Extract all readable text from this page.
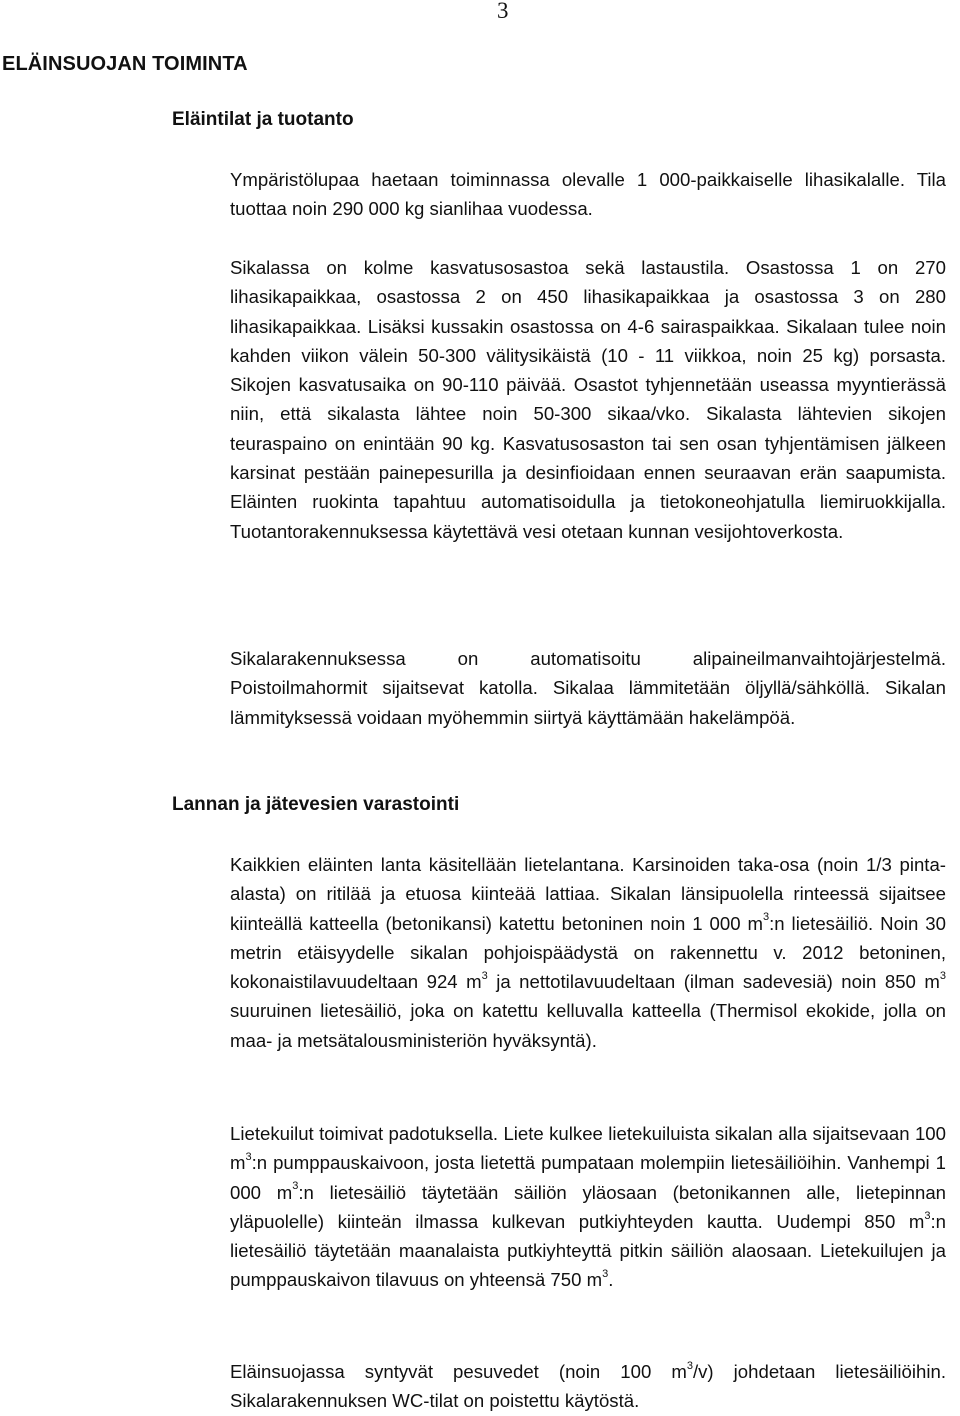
3
ELÄINSUOJAN TOIMINTA
Eläintilat ja tuotanto

Ympäristölupaa haetaan toiminnassa olevalle 1 000-paikkaiselle lihasikalalle. Tila tuottaa noin 290 000 kg sianlihaa vuodessa.

Sikalassa on kolme kasvatusosastoa sekä lastaustila. Osastossa 1 on 270 lihasikapaikkaa, osastossa 2 on 450 lihasikapaikkaa ja osastossa 3 on 280 lihasikapaikkaa. Lisäksi kussakin osastossa on 4-6 sairaspaikkaa. Sikalaan tulee noin kahden viikon välein 50-300 välitysikäistä (10 - 11 viikkoa, noin 25 kg) porsasta. Sikojen kasvatusaika on 90-110 päivää. Osastot tyhjennetään useassa myyntierässä niin, että sikalasta lähtee noin 50-300 sikaa/vko. Sikalasta lähtevien sikojen teuraspaino on enintään 90 kg. Kasvatusosaston tai sen osan tyhjentämisen jälkeen karsinat pestään painepesurilla ja desinfioidaan ennen seuraavan erän saapumista. Eläinten ruokinta tapahtuu automatisoidulla ja tietokoneohjatulla liemiruokkijalla. Tuotantorakennuksessa käytettävä vesi otetaan kunnan vesijohtoverkosta.

Sikalarakennuksessa on automatisoitu alipaineilmanvaihtojärjestelmä. Poistoilmahormit sijaitsevat katolla. Sikalaa lämmitetään öljyllä/sähköllä. Sikalan lämmityksessä voidaan myöhemmin siirtyä käyttämään hakelämpöä.

Lannan ja jätevesien varastointi

Kaikkien eläinten lanta käsitellään lietelantana. Karsinoiden taka-osa (noin 1/3 pinta-alasta) on ritilää ja etuosa kiinteää lattiaa. Sikalan länsipuolella rinteessä sijaitsee kiinteällä katteella (betonikansi) katettu betoninen noin 1 000 $m^3:n$ lietesäiliö. Noin 30 metrin etäisyydelle sikalan pohjoispäädystä on rakennettu v. 2012 betoninen, kokonaistilavuudeltaan 924 $m^3$ ja nettotilavuudeltaan (ilman sadevesiä) noin 850 $m^3$ suuruinen lietesäiliö, joka on katettu kelluvalla katteella (Thermisol ekokide, jolla on maa- ja metsätalousministeriön hyväksyntä).

Lietekuilut toimivat padotuksella. Liete kulkee lietekuiluista sikalan alla sijaitsevaan 100 $m^3:n$ pumppauskaivoon, josta lietettä pumpataan molempiin lietesäiliöihin. Vanhempi 1 000 $m^3:n$ lietesäiliö täytetään säiliön yläosaan (betonikannen alle, lietepinnan yläpuolelle) kiinteän ilmassa kulkevan putkiyhteyden kautta. Uudempi 850 $m^3:n$ lietesäiliö täytetään maanalaista putkiyhteyttä pitkin säiliön alaosaan. Lietekuilujen ja pumppauskaivon tilavuus on yhteensä 750 $m^3$.

Eläinsuojassa syntyvät pesuvedet (noin 100 $m^3/v$) johdetaan lietesäiliöihin. Sikalarakennuksen WC-tilat on poistettu käytöstä.
